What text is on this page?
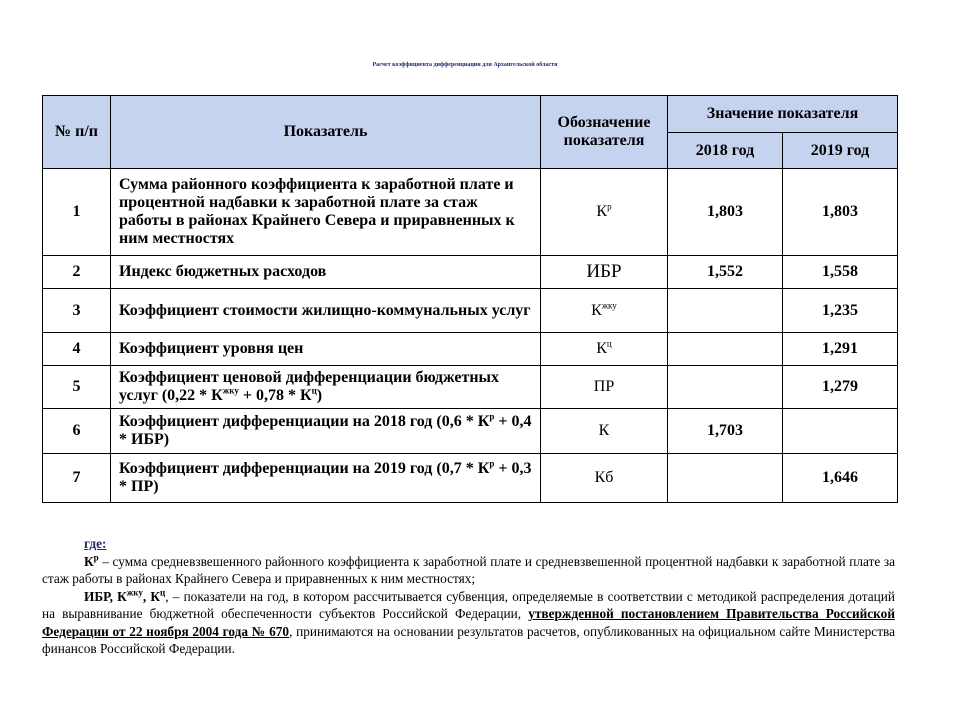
Расчет коэффициента дифференциации для Архангельской области
№ п/п	Показатель	Обозначение показателя	Значение показателя	
			2018 год	2019 год
1	Сумма районного коэффициента к заработной плате и процентной надбавки к заработной плате за стаж работы в районах Крайнего Севера и приравненных к ним местностях	$К^р$	1,803	1,803
2	Индекс бюджетных расходов	ИБР	1,552	1,558
3	Коэффициент стоимости жилищно-коммунальных услуг	$К^{жку}$		1,235
4	Коэффициент уровня цен	$К^ц$		1,291
5	Коэффициент ценовой дифференциации бюджетных услуг $(0,22 * К^{жку} + 0,78 * К^ц)$	ПР		1,279
6	Коэффициент дифференциации на 2018 год $(0,6 * К^р + 0,4 * ИБР)$	К	1,703	
7	Коэффициент дифференциации на 2019 год $(0,7 * К^р + 0,3 * ПР)$	Кб		1,646

где:

$К^р$ – сумма средневзвешенного районного коэффициента к заработной плате и средневзвешенной процентной надбавки к заработной плате за стаж работы в районах Крайнего Севера и приравненных к ним местностях;

ИБР, $К^{жку}$, $К^ц$, – показатели на год, в котором рассчитывается субвенция, определяемые в соответствии с методикой распределения дотаций на выравнивание бюджетной обеспеченности субъектов Российской Федерации, утвержденной постановлением Правительства Российской Федерации от 22 ноября 2004 года № 670, принимаются на основании результатов расчетов, опубликованных на официальном сайте Министерства финансов Российской Федерации.
